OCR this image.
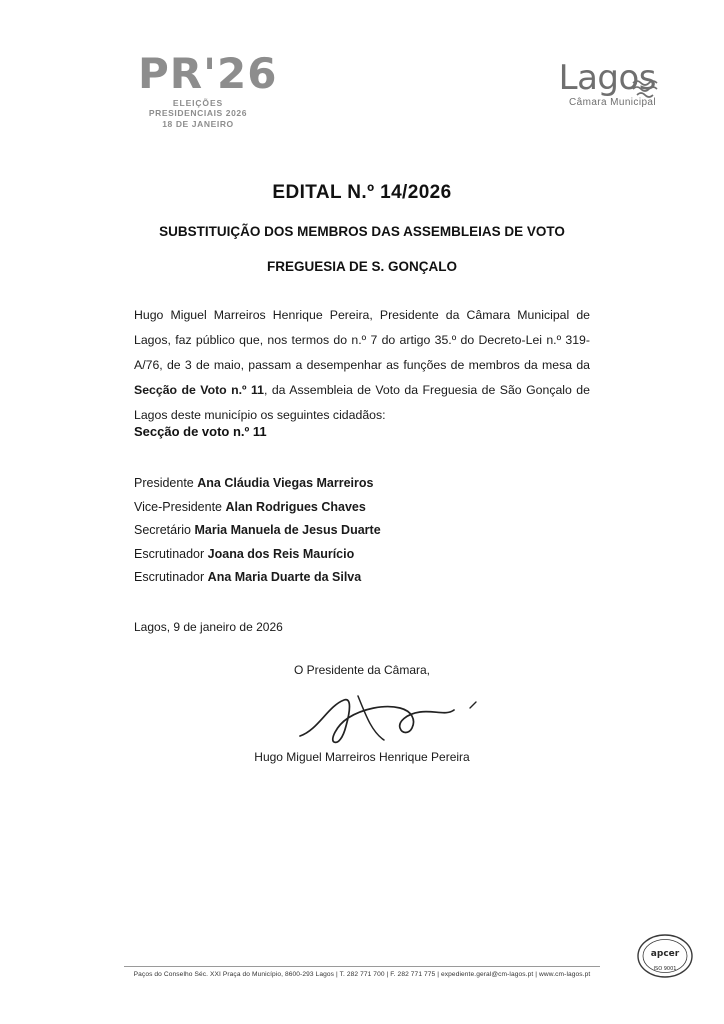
PR'26
ELEIÇÕES
PRESIDENCIAIS 2026
18 DE JANEIRO
Lagos
Câmara Municipal
EDITAL N.º 14/2026
SUBSTITUIÇÃO DOS MEMBROS DAS ASSEMBLEIAS DE VOTO
FREGUESIA DE S. GONÇALO
Hugo Miguel Marreiros Henrique Pereira, Presidente da Câmara Municipal de Lagos, faz público que, nos termos do n.º 7 do artigo 35.º do Decreto-Lei n.º 319-A/76, de 3 de maio, passam a desempenhar as funções de membros da mesa da Secção de Voto n.º 11, da Assembleia de Voto da Freguesia de São Gonçalo de Lagos deste município os seguintes cidadãos:
Secção de voto n.º 11
Presidente Ana Cláudia Viegas Marreiros
Vice-Presidente Alan Rodrigues Chaves
Secretário Maria Manuela de Jesus Duarte
Escrutinador Joana dos Reis Maurício
Escrutinador Ana Maria Duarte da Silva
Lagos, 9 de janeiro de 2026
O Presidente da Câmara,
Hugo Miguel Marreiros Henrique Pereira
apcer
ISO 9001
Paços do Conselho Séc. XXI Praça do Município, 8600-293 Lagos | T. 282 771 700 | F. 282 771 775 | expediente.geral@cm-lagos.pt | www.cm-lagos.pt
